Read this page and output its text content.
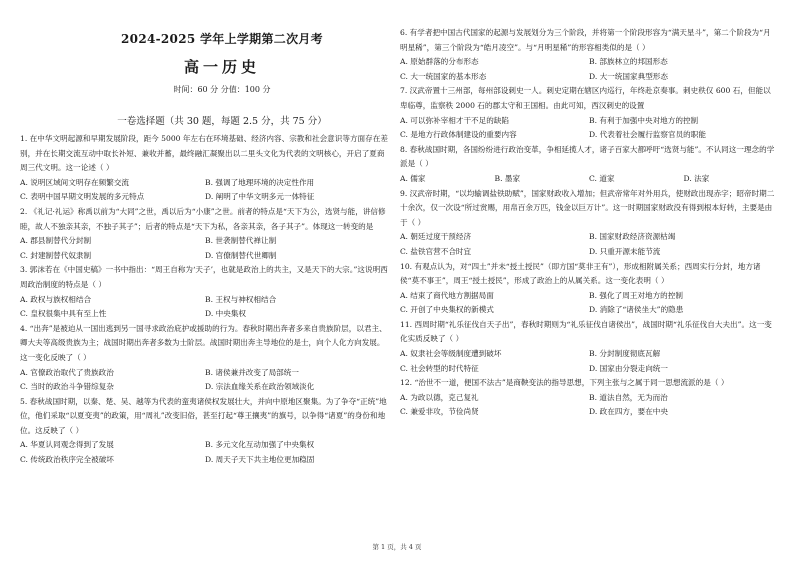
2024-2025 学年上学期第二次月考
高一历史
时间：60 分 分值：100 分
一卷选择题（共 30 题，每题 2.5 分，共 75 分）

1. 在中华文明起源和早期发展阶段，距今 5000 年左右在环境基础、经济内容、宗教和社会意识等方面存在差别，并在长期交流互动中取长补短、兼收并蓄，最终融汇凝聚出以二里头文化为代表的文明核心，开启了夏商周三代文明。这一论述（ ）

A. 说明区域间文明存在频繁交流	B. 强调了地理环境的决定性作用
C. 表明中国早期文明发展的多元特点	D. 阐明了中华文明多元一体特征

2. 《礼记·礼运》称禹以前为“大同”之世，禹以后为“小康”之世。前者的特点是“天下为公，选贤与能，讲信修睦，故人不独亲其亲，不独子其子”；后者的特点是“天下为私，各亲其亲，各子其子”。体现这一转变的是

A. 郡县制替代分封制	B. 世袭制替代禅让制
C. 封建制替代奴隶制	D. 官僚制替代世卿制

3. 郭沫若在《中国史稿》一书中指出：“周王自称为‘天子’，也就是政治上的共主，又是天下的大宗。”这说明西周政治制度的特点是（ ）

A. 政权与族权相结合	B. 王权与神权相结合
C. 皇权很集中具有至上性	D. 中央集权

4. “出奔”是被迫从一国出逃到另一国寻求政治庇护或援助的行为。春秋时期出奔者多来自贵族阶层，以君主、卿大夫等高级贵族为主；战国时期出奔者多数为士阶层。战国时期出奔主导地位的是士，向个人化方向发展。这一变化反映了（ ）

A. 官僚政治取代了贵族政治	B. 诸侯兼并改变了局部统一
C. 当时的政治斗争错综复杂	D. 宗法血缘关系在政治领域淡化

5. 春秋战国时期，以秦、楚、吴、越等为代表的蛮夷诸侯权发展壮大，并向中原地区聚集。为了争夺“正统”地位，他们采取“以夏变夷”的政策，用“周礼”改变旧俗，甚至打起“尊王攘夷”的旗号，以争得“诸夏”的身份和地位。这反映了（ ）

A. 华夏认同观念得到了发展	B. 多元文化互动加强了中央集权
C. 传统政治秩序完全被破坏	D. 周天子天下共主地位更加稳固

6. 有学者把中国古代国家的起源与发展划分为三个阶段，并将第一个阶段形容为“满天星斗”，第二个阶段为“月明星稀”，第三个阶段为“皓月凌空”。与“月明星稀”的形容相类似的是（ ）

A. 原始群落的分布形态	B. 部族林立的邦国形态
C. 大一统国家的基本形态	D. 大一统国家典型形态

7. 汉武帝置十三州部，每州部设刺史一人。刺史定期在辖区内巡行，年终赴京奏事。刺史秩仅 600 石，但能以卑临尊，监察秩 2000 石的郡太守和王国相。由此可知，西汉刺史的设置

A. 可以弥补宰相才干不足的缺陷	B. 有利于加强中央对地方的控制
C. 是地方行政体制建设的重要内容	D. 代表着社会履行监察官员的职能

8. 春秋战国时期，各国纷纷进行政治变革，争相延揽人才，诸子百家大都呼吁“选贤与能”。不认同这一理念的学派是（ ）

A. 儒家	B. 墨家	C. 道家	D. 法家

9. 汉武帝时期，“以均输调盐铁助赋”，国家财政收入增加；但武帝常年对外用兵，使财政出现赤字；昭帝时期二十余次，仅一次设“所过赏赐，用帛百余万匹，钱金以巨万计”。这一时期国家财政没有得到根本好转，主要是由于（ ）

A. 朝廷过度干预经济	B. 国家财政经济资源枯竭
C. 盐铁官营不合时宜	D. 只重开源未能节流

10. 有观点认为，对“四土”并未“授土授民”（即方国“莫非王有”），形成相附属关系；西周实行分封，地方诸侯“莫不事王”，周王“授土授民”，形成了政治上的从属关系。这一变化表明（ ）

A. 结束了商代地方割据局面	B. 强化了周王对地方的控制
C. 开创了中央集权的新模式	D. 消除了“诸侯坐大”的隐患

11. 西周时期“礼乐征伐自天子出”，春秋时期则为“礼乐征伐自诸侯出”，战国时期“礼乐征伐自大夫出”。这一变化实质反映了（ ）

A. 奴隶社会等级制度遭到破坏	B. 分封制度彻底瓦解
C. 社会转型的时代特征	D. 国家由分裂走向统一

12. “治世不一道，便国不法古”是商鞅变法的指导思想，下列主张与之属于同一思想流派的是（ ）

A. 为政以德，克己复礼	B. 道法自然，无为而治
C. 兼爱非攻，节俭尚贤	D. 政在四方，要在中央
第 1 页，共 4 页
